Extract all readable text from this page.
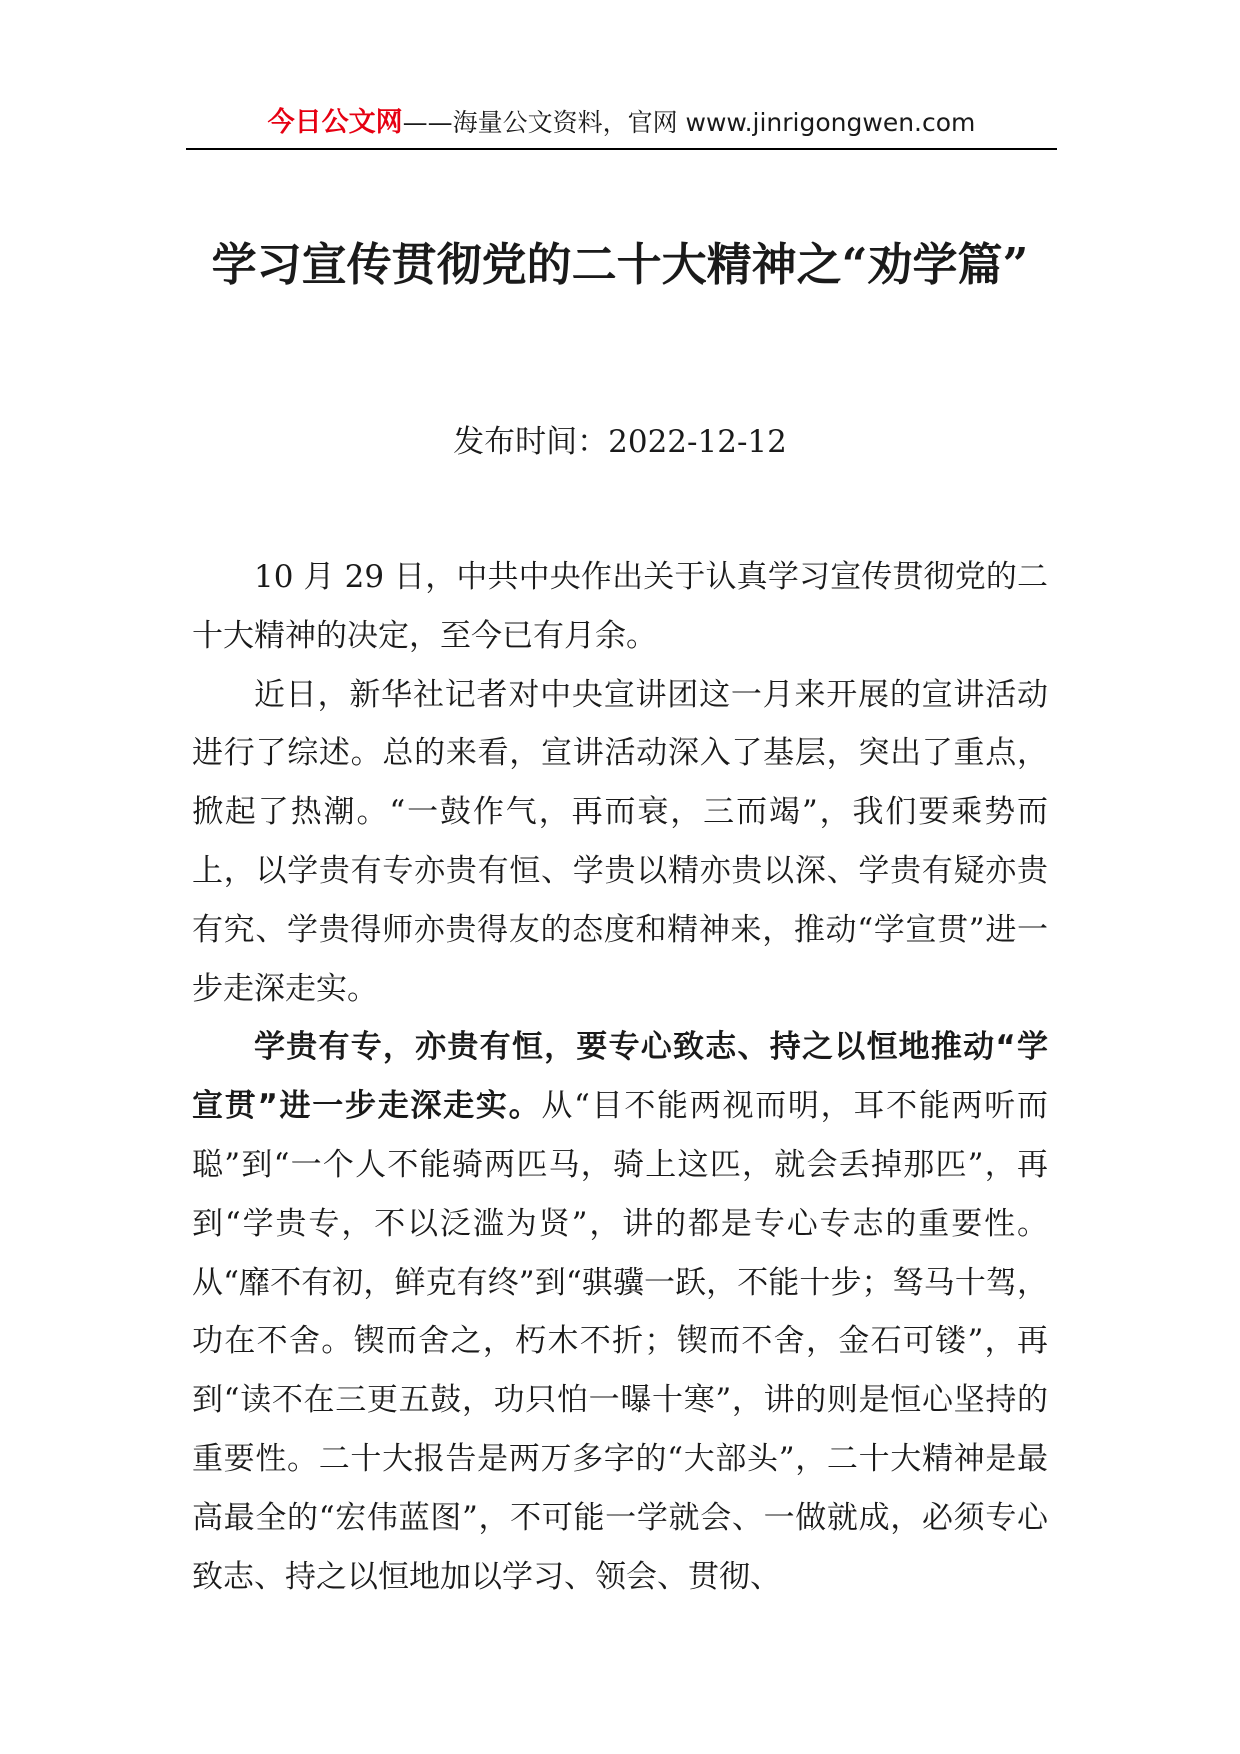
今日公文网——海量公文资料，官网 www.jinrigongwen.com
学习宣传贯彻党的二十大精神之“劝学篇”
发布时间：2022-12-12

10 月 29 日，中共中央作出关于认真学习宣传贯彻党的二十大精神的决定，至今已有月余。

近日，新华社记者对中央宣讲团这一月来开展的宣讲活动进行了综述。总的来看，宣讲活动深入了基层，突出了重点，掀起了热潮。“一鼓作气，再而衰，三而竭”，我们要乘势而上，以学贵有专亦贵有恒、学贵以精亦贵以深、学贵有疑亦贵有究、学贵得师亦贵得友的态度和精神来，推动“学宣贯”进一步走深走实。

学贵有专，亦贵有恒，要专心致志、持之以恒地推动“学宣贯”进一步走深走实。从“目不能两视而明，耳不能两听而聪”到“一个人不能骑两匹马，骑上这匹，就会丢掉那匹”，再到“学贵专，不以泛滥为贤”，讲的都是专心专志的重要性。从“靡不有初，鲜克有终”到“骐骥一跃，不能十步；驽马十驾，功在不舍。锲而舍之，朽木不折；锲而不舍，金石可镂”，再到“读不在三更五鼓，功只怕一曝十寒”，讲的则是恒心坚持的重要性。二十大报告是两万多字的“大部头”，二十大精神是最高最全的“宏伟蓝图”，不可能一学就会、一做就成，必须专心致志、持之以恒地加以学习、领会、贯彻、
